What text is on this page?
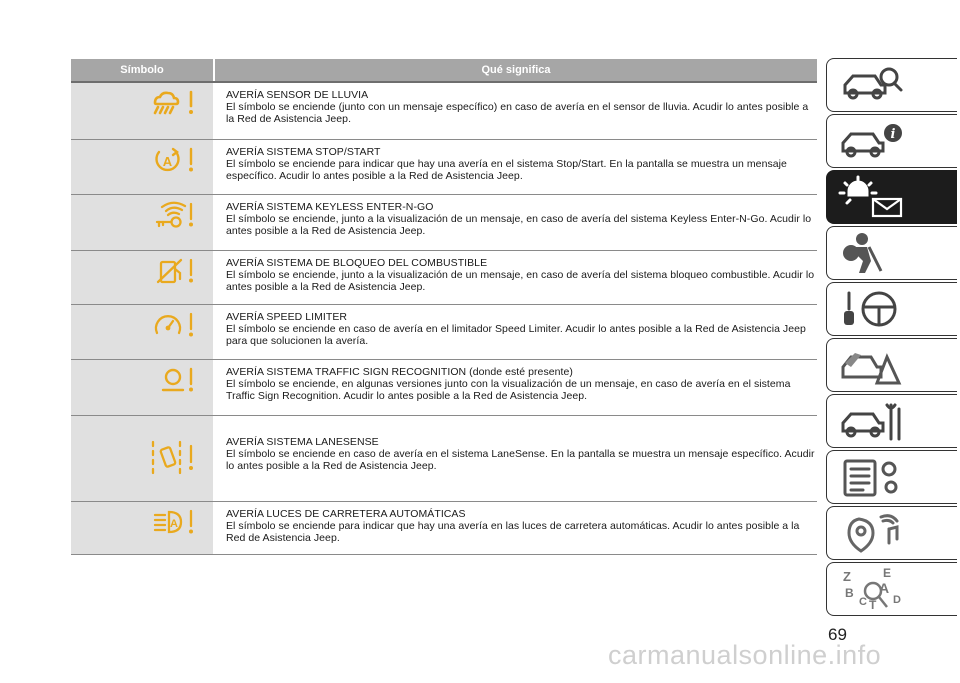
Símbolo	Qué significa
AVERÍA SENSOR DE LLUVIA
El símbolo se enciende (junto con un mensaje específico) en caso de avería en el sensor de lluvia. Acudir lo antes posible a la Red de Asistencia Jeep.
A
AVERÍA SISTEMA STOP/START
El símbolo se enciende para indicar que hay una avería en el sistema Stop/Start. En la pantalla se muestra un mensaje específico. Acudir lo antes posible a la Red de Asistencia Jeep.
AVERÍA SISTEMA KEYLESS ENTER-N-GO
El símbolo se enciende, junto a la visualización de un mensaje, en caso de avería del sistema Keyless Enter-N-Go. Acudir lo antes posible a la Red de Asistencia Jeep.
AVERÍA SISTEMA DE BLOQUEO DEL COMBUSTIBLE
El símbolo se enciende, junto a la visualización de un mensaje, en caso de avería del sistema bloqueo combustible. Acudir lo antes posible a la Red de Asistencia Jeep.
AVERÍA SPEED LIMITER
El símbolo se enciende en caso de avería en el limitador Speed Limiter. Acudir lo antes posible a la Red de Asistencia Jeep para que solucionen la avería.
AVERÍA SISTEMA TRAFFIC SIGN RECOGNITION (donde esté presente)
El símbolo se enciende, en algunas versiones junto con la visualización de un mensaje, en caso de avería en el sistema Traffic Sign Recognition. Acudir lo antes posible a la Red de Asistencia Jeep.
AVERÍA SISTEMA LANESENSE
El símbolo se enciende en caso de avería en el sistema LaneSense. En la pantalla se muestra un mensaje específico. Acudir lo antes posible a la Red de Asistencia Jeep.
A
AVERÍA LUCES DE CARRETERA AUTOMÁTICAS
El símbolo se enciende para indicar que hay una avería en las luces de carretera automáticas. Acudir lo antes posible a la Red de Asistencia Jeep.
i
Z	E
B A
C D
T
69
carmanualsonline.info
